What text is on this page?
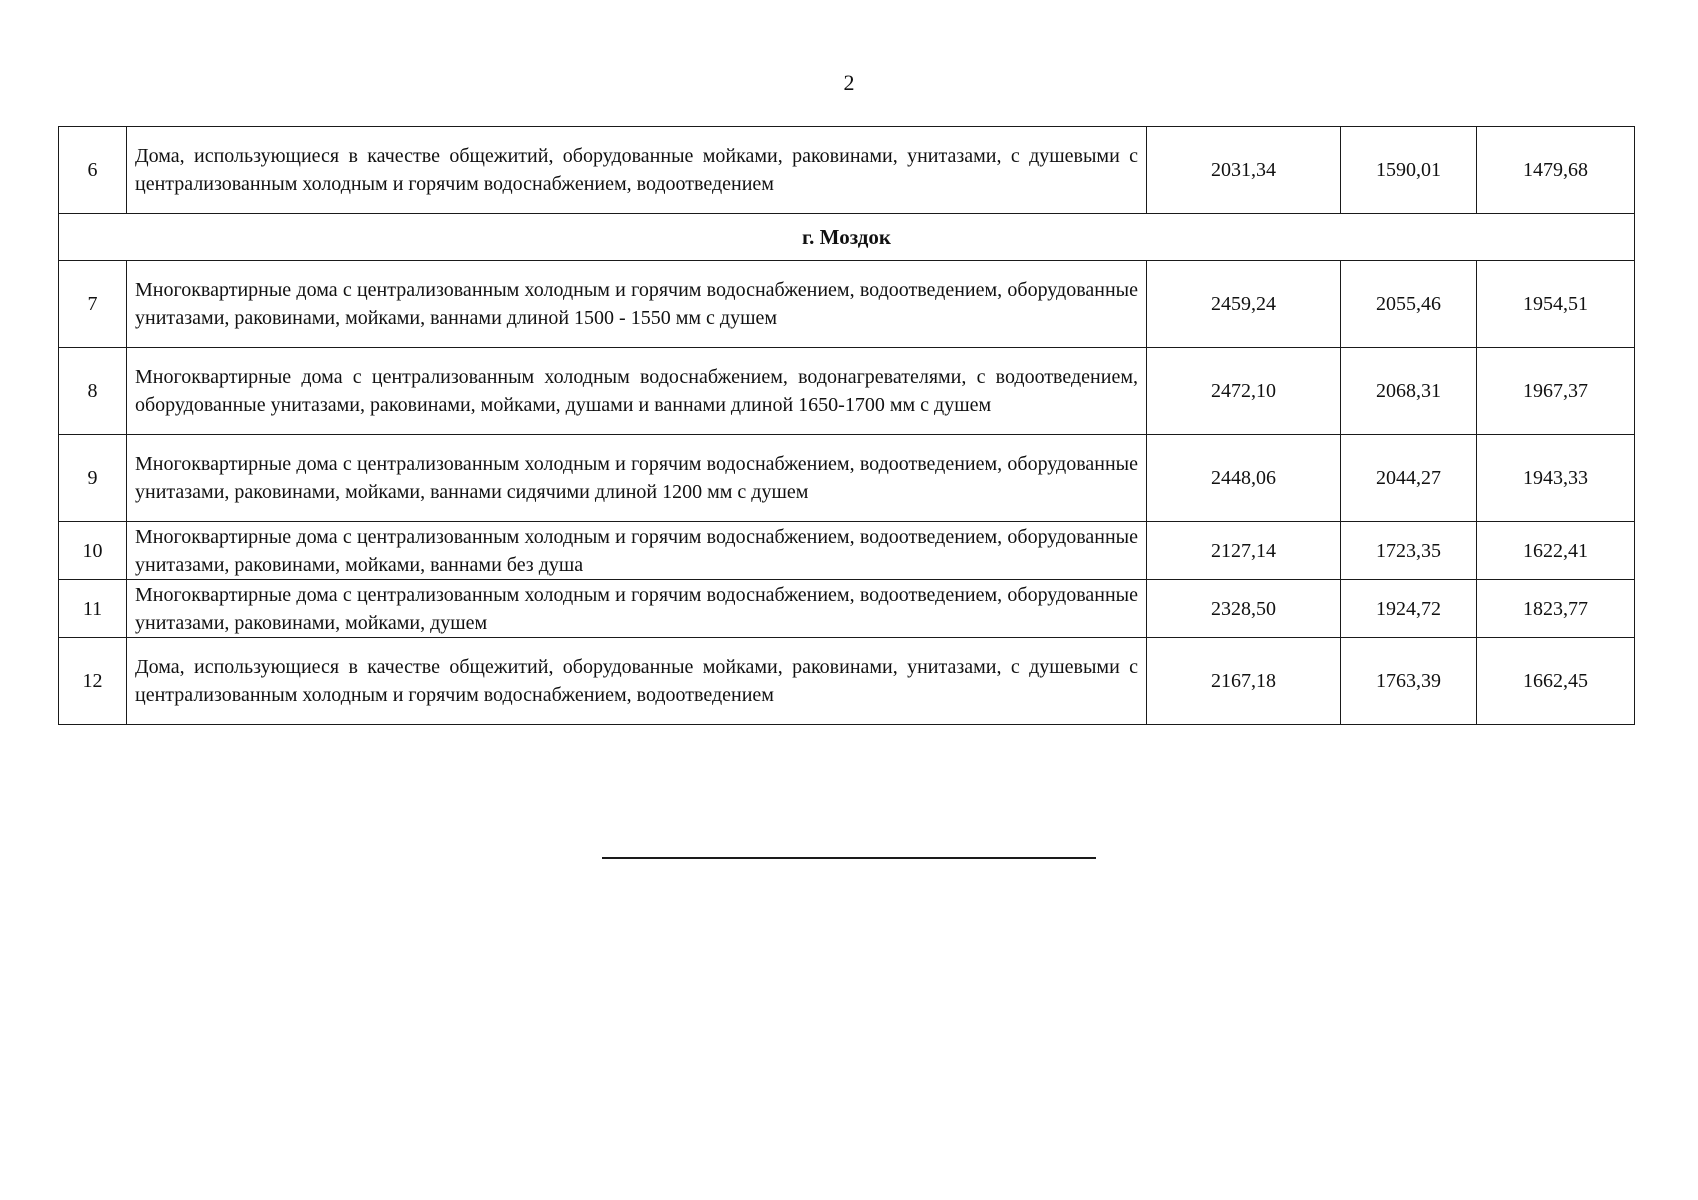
2
6	Дома, использующиеся в качестве общежитий, оборудованные мойками, раковинами, унитазами, с душевыми с централизованным холодным и горячим водоснабжением, водоотведением	2031,34	1590,01	1479,68
г. Моздок				
7	Многоквартирные дома с централизованным холодным и горячим водоснабжением, водоотведением, оборудованные унитазами, раковинами, мойками, ваннами длиной 1500 - 1550 мм с душем	2459,24	2055,46	1954,51
8	Многоквартирные дома с централизованным холодным водоснабжением, водонагревателями, с водоотведением, оборудованные унитазами, раковинами, мойками, душами и ваннами длиной 1650-1700 мм с душем	2472,10	2068,31	1967,37
9	Многоквартирные дома с централизованным холодным и горячим водоснабжением, водоотведением, оборудованные унитазами, раковинами, мойками, ваннами сидячими длиной 1200 мм с душем	2448,06	2044,27	1943,33
10	Многоквартирные дома с централизованным холодным и горячим водоснабжением, водоотведением, оборудованные унитазами, раковинами, мойками, ваннами без душа	2127,14	1723,35	1622,41
11	Многоквартирные дома с централизованным холодным и горячим водоснабжением, водоотведением, оборудованные унитазами, раковинами, мойками, душем	2328,50	1924,72	1823,77
12	Дома, использующиеся в качестве общежитий, оборудованные мойками, раковинами, унитазами, с душевыми с централизованным холодным и горячим водоснабжением, водоотведением	2167,18	1763,39	1662,45
